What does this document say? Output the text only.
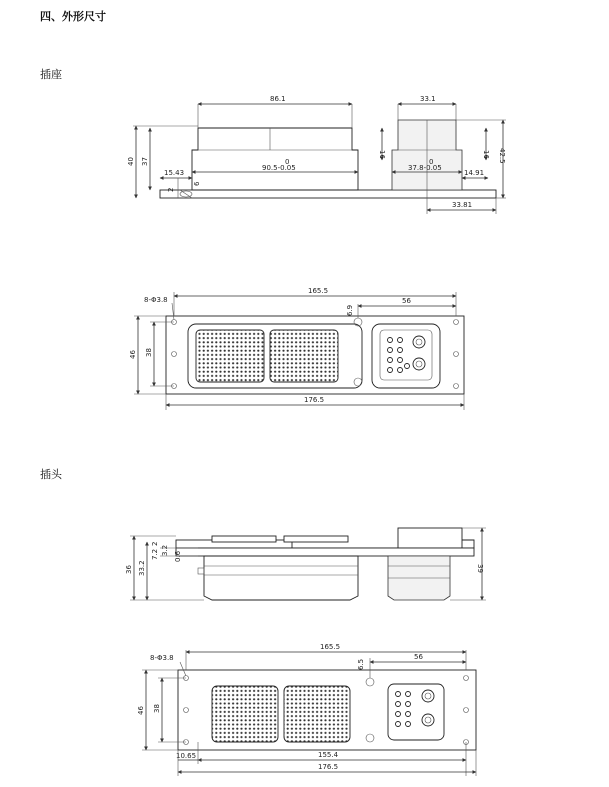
四、外形尺寸
插座
插头
86.1	33.1
40 37
16	16 42.5
0
90.5-0.05
0
37.8-0.05
15.43
2
6
14.91
33.81
165.5
56
6.9
8-Φ3.8
46 38
176.5
36 33.2
2
7.2 3.2
0.6
39
165.5
56
6.5
8-Φ3.8
46 38
155.4
10.65
176.5
